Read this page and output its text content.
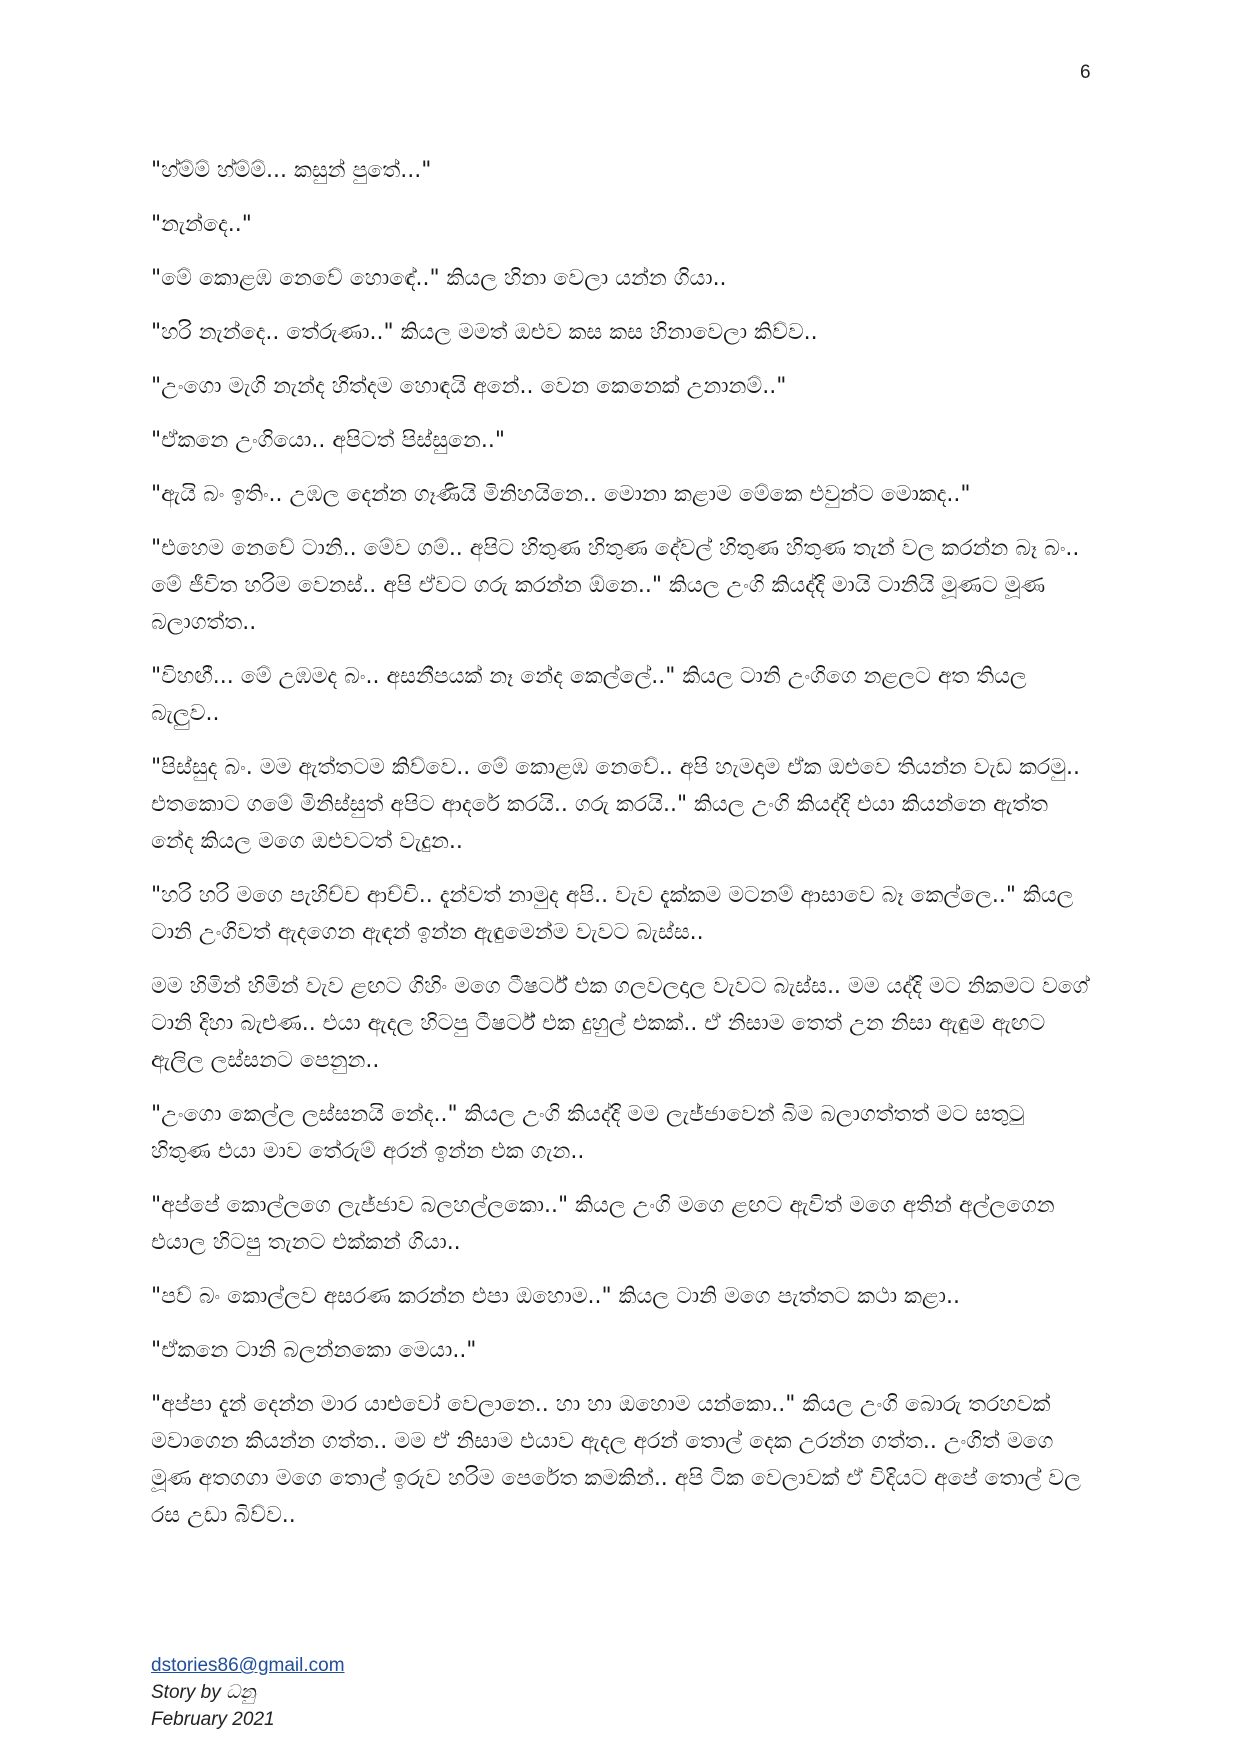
6

"හ්ම්ම් හ්ම්ම්... කසුන් පුතේ..."

"නැන්දෙ.."

"මේ කොළඹ නෙවේ හොඳේ.." කියල හිනා වෙලා යන්න ගියා..

"හරි නැන්දෙ.. තේරුණා.." කියල මමත් ඔළුව කස කස හිනාවෙලා කිව්ව..

"උංගො මැගි නැන්ද හිත්දම හොඳයි අනේ.. වෙන කෙනෙක් උනානම්.."

"ඒකනෙ උංගියො.. අපිටත් පිස්සුනෙ.."

"ඇයි බං ඉතිං.. උඹල දෙන්න ගෑණියි මිනිහයිනෙ.. මොනා කළාම මේකෙ එවුන්ට මොකද.."

"එහෙම නෙවේ ටානි.. මේව ගම්.. අපිට හිතුණ හිතුණ දේවල් හිතුණ හිතුණ තැන් වල කරන්න බෑ බං.. මේ ජීවිත හරිම වෙනස්.. අපි ඒවට ගරු කරන්න ඕනෙ.." කියල උංගි කියද්දි මායි ටානියි මූණට මූණ බලාගත්ත..

"විහඟී... මේ උඹමද බං.. අසනීපයක් නෑ නේද කෙල්ලේ.." කියල ටානි උංගිගෙ නළලට අත තියල බැලුව..

"පිස්සුද බං. මම ඇත්තටම කිව්වෙ.. මේ කොළඹ නෙවේ.. අපි හැමදාම ඒක ඔළුවෙ තියන්න වැඩ කරමු.. එතකොට ගමේ මිනිස්සුත් අපිට ආදරේ කරයි.. ගරු කරයි.." කියල උංගි කියද්දි එයා කියන්නෙ ඇත්ත නේද කියල මගෙ ඔළුවටත් වැදුන..

"හරි හරි මගෙ පැහිච්ච ආච්චි.. දැන්වත් නාමුද අපි.. වැව දැක්කම මටනම් ආසාවෙ බෑ කෙල්ලෙ.." කියල ටානි උංගිවත් ඇදගෙන ඇඳන් ඉන්න ඇඳුමෙන්ම වැවට බැස්ස..

මම හිමින් හිමින් වැව ළඟට ගිහිං මගෙ ටීෂර්ට් එක ගලවලදාල වැවට බැස්ස.. මම යද්දි මට නිකමට වගේ ටානි දිහා බැළුණ.. එයා ඇදල හිටපු ටීෂර්ට් එක දුහුල් එකක්.. ඒ නිසාම තෙත් උන නිසා ඇඳුම ඇඟට ඇලිල ලස්සනට පෙනුන..

"උංගො කෙල්ල ලස්සනයි නේද.." කියල උංගි කියද්දි මම ලැජ්ජාවෙන් බිම බලාගත්තත් මට සතුටු හිතුණ එයා මාව තේරුම් අරන් ඉන්න එක ගැන..

"අප්පේ කොල්ලගෙ ලැජ්ජාව බලහල්ලකො.." කියල උංගි මගෙ ළඟට ඇවිත් මගෙ අතින් අල්ලගෙන එයාල හිටපු තැනට එක්කන් ගියා..

"පව් බං කොල්ලව අසරණ කරන්න එපා ඔහොම.." කියල ටානි මගෙ පැත්තට කථා කළා..

"ඒකනෙ ටානි බලන්නකො මෙයා.."

"අප්පා දැන් දෙන්න මාර යාළුවෝ වෙලානෙ.. හා හා ඔහොම යන්කො.." කියල උංගි බොරු තරහවක් මවාගෙන කියන්න ගත්ත.. මම ඒ නිසාම එයාව ඇදල අරන් තොල් දෙක උරන්න ගත්ත.. උංගිත් මගෙ මූණ අතගගා මගෙ තොල් ඉරුව හරිම පෙරේත කමකින්.. අපි ටික වෙලාවක් ඒ විදියට අපේ තොල් වල රස උඩා බිව්ව..

dstories86@gmail.com
Story by ධනු
February 2021
